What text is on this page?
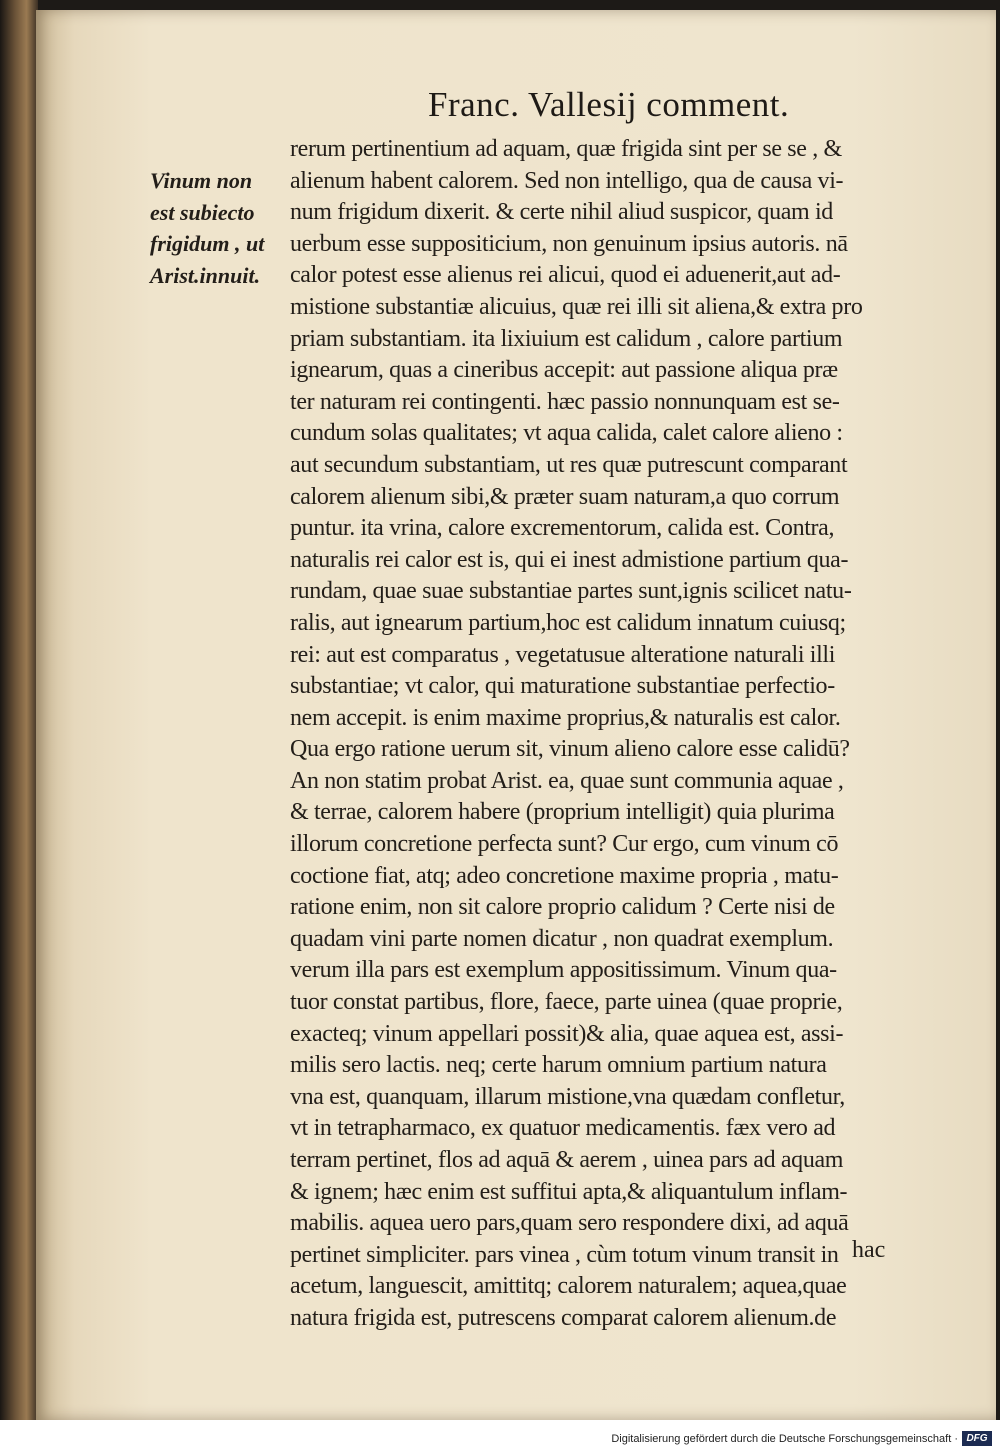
Franc. Vallesij comment.
Vinum non
est subiecto
frigidum , ut
Arist.innuit.
rerum pertinentium ad aquam, quæ frigida sint per se se , &
alienum habent calorem. Sed non intelligo, qua de causa vi-
num frigidum dixerit. & certe nihil aliud suspicor, quam id
uerbum esse suppositicium, non genuinum ipsius autoris. nā
calor potest esse alienus rei alicui, quod ei aduenerit,aut ad-
mistione substantiæ alicuius, quæ rei illi sit aliena,& extra pro
priam substantiam. ita lixiuium est calidum , calore partium
ignearum, quas a cineribus accepit: aut passione aliqua præ
ter naturam rei contingenti. hæc passio nonnunquam est se-
cundum solas qualitates; vt aqua calida, calet calore alieno :
aut secundum substantiam, ut res quæ putrescunt comparant
calorem alienum sibi,& præter suam naturam,a quo corrum
puntur. ita vrina, calore excrementorum, calida est. Contra,
naturalis rei calor est is, qui ei inest admistione partium qua-
rundam, quae suae substantiae partes sunt,ignis scilicet natu-
ralis, aut ignearum partium,hoc est calidum innatum cuiusq;
rei: aut est comparatus , vegetatusue alteratione naturali illi
substantiae; vt calor, qui maturatione substantiae perfectio-
nem accepit. is enim maxime proprius,& naturalis est calor.
Qua ergo ratione uerum sit, vinum alieno calore esse calidū?
An non statim probat Arist. ea, quae sunt communia aquae ,
& terrae, calorem habere (proprium intelligit) quia plurima
illorum concretione perfecta sunt? Cur ergo, cum vinum cō
coctione fiat, atq; adeo concretione maxime propria , matu-
ratione enim, non sit calore proprio calidum ? Certe nisi de
quadam vini parte nomen dicatur , non quadrat exemplum.
verum illa pars est exemplum appositissimum. Vinum qua-
tuor constat partibus, flore, faece, parte uinea (quae proprie,
exacteq; vinum appellari possit)& alia, quae aquea est, assi-
milis sero lactis. neq; certe harum omnium partium natura
vna est, quanquam, illarum mistione,vna quædam confletur,
vt in tetrapharmaco, ex quatuor medicamentis. fæx vero ad
terram pertinet, flos ad aquā & aerem , uinea pars ad aquam
& ignem; hæc enim est suffitui apta,& aliquantulum inflam-
mabilis. aquea uero pars,quam sero respondere dixi, ad aquā
pertinet simpliciter. pars vinea , cùm totum vinum transit in
acetum, languescit, amittitq; calorem naturalem; aquea,quae
natura frigida est, putrescens comparat calorem alienum.de
hac
Digitalisierung gefördert durch die Deutsche Forschungsgemeinschaft · DFG
